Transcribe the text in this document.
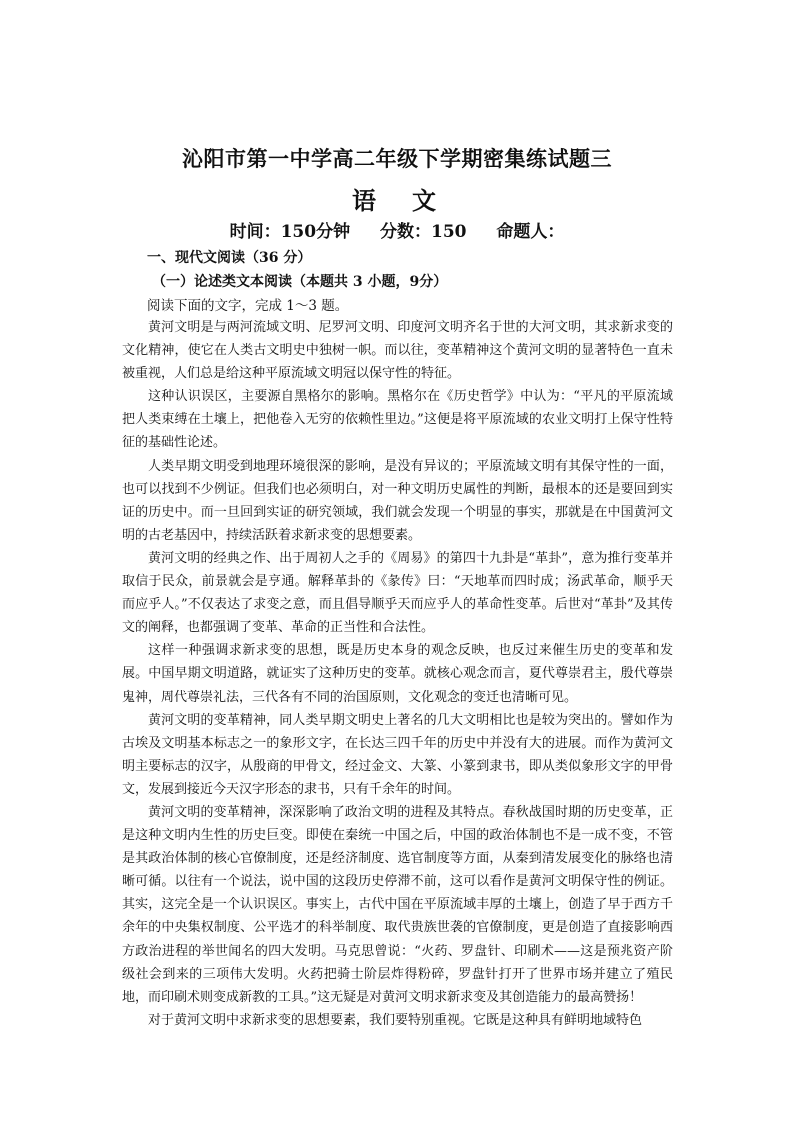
沁阳市第一中学高二年级下学期密集练试题三
语　文
时间：150分钟 分数：150 命题人：
一、现代文阅读（36 分）
（一）论述类文本阅读（本题共 3 小题，9分）
阅读下面的文字，完成 1～3 题。

黄河文明是与两河流域文明、尼罗河文明、印度河文明齐名于世的大河文明，其求新求变的文化精神，使它在人类古文明史中独树一帜。而以往，变革精神这个黄河文明的显著特色一直未被重视，人们总是给这种平原流域文明冠以保守性的特征。

这种认识误区，主要源自黑格尔的影响。黑格尔在《历史哲学》中认为：“平凡的平原流域把人类束缚在土壤上，把他卷入无穷的依赖性里边。”这便是将平原流域的农业文明打上保守性特征的基础性论述。

人类早期文明受到地理环境很深的影响，是没有异议的；平原流域文明有其保守性的一面，也可以找到不少例证。但我们也必须明白，对一种文明历史属性的判断，最根本的还是要回到实证的历史中。而一旦回到实证的研究领域，我们就会发现一个明显的事实，那就是在中国黄河文明的古老基因中，持续活跃着求新求变的思想要素。

黄河文明的经典之作、出于周初人之手的《周易》的第四十九卦是“革卦”，意为推行变革并取信于民众，前景就会是亨通。解释革卦的《彖传》曰：“天地革而四时成；汤武革命，顺乎天而应乎人。”不仅表达了求变之意，而且倡导顺乎天而应乎人的革命性变革。后世对“革卦”及其传文的阐释，也都强调了变革、革命的正当性和合法性。

这样一种强调求新求变的思想，既是历史本身的观念反映，也反过来催生历史的变革和发展。中国早期文明道路，就证实了这种历史的变革。就核心观念而言，夏代尊崇君主，殷代尊崇鬼神，周代尊崇礼法，三代各有不同的治国原则，文化观念的变迁也清晰可见。

黄河文明的变革精神，同人类早期文明史上著名的几大文明相比也是较为突出的。譬如作为古埃及文明基本标志之一的象形文字，在长达三四千年的历史中并没有大的进展。而作为黄河文明主要标志的汉字，从殷商的甲骨文，经过金文、大篆、小篆到隶书，即从类似象形文字的甲骨文，发展到接近今天汉字形态的隶书，只有千余年的时间。

黄河文明的变革精神，深深影响了政治文明的进程及其特点。春秋战国时期的历史变革，正是这种文明内生性的历史巨变。即使在秦统一中国之后，中国的政治体制也不是一成不变，不管是其政治体制的核心官僚制度，还是经济制度、选官制度等方面，从秦到清发展变化的脉络也清晰可循。以往有一个说法，说中国的这段历史停滞不前，这可以看作是黄河文明保守性的例证。其实，这完全是一个认识误区。事实上，古代中国在平原流域丰厚的土壤上，创造了早于西方千余年的中央集权制度、公平选才的科举制度、取代贵族世袭的官僚制度，更是创造了直接影响西方政治进程的举世闻名的四大发明。马克思曾说：“火药、罗盘针、印刷术——这是预兆资产阶级社会到来的三项伟大发明。火药把骑士阶层炸得粉碎，罗盘针打开了世界市场并建立了殖民地，而印刷术则变成新教的工具。”这无疑是对黄河文明求新求变及其创造能力的最高赞扬！

对于黄河文明中求新求变的思想要素，我们要特别重视。它既是这种具有鲜明地域特色
